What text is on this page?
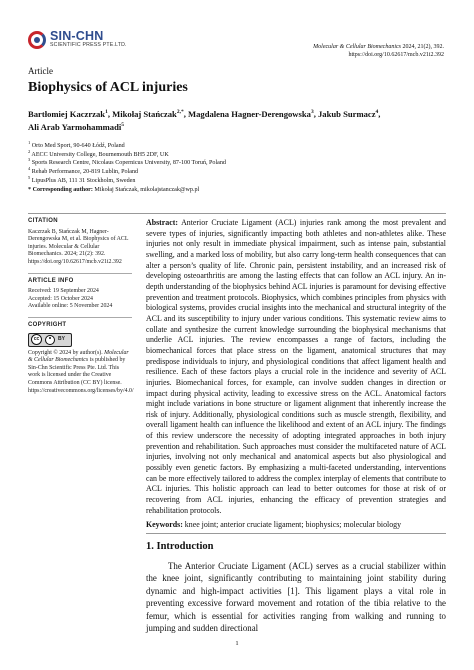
SIN-CHN
SCIENTIFIC PRESS PTE.LTD.	Molecular & Cellular Biomechanics 2024, 21(2), 392.
https://doi.org/10.62617/mcb.v21i2.392
Article
Biophysics of ACL injuries
Bartłomiej Kaczrzak$^1$, Mikołaj Stańczak$^{2,*}$, Magdalena Hagner-Derengowska$^3$, Jakub Surmacz$^4$,
Ali Arab Yarmohammadi$^5$
$^1$ Orto Med Sport, 90-640 Łódź, Poland
$^2$ AECC University College, Bournemouth BH5 2DF, UK
$^3$ Sports Research Centre, Nicolaus Copernicus University, 87-100 Toruń, Poland
$^4$ Rehab Performance, 20-819 Lublin, Poland
$^5$ LipusPlus AB, 111 31 Stockholm, Sweden
* Corresponding author: Mikołaj Stańczak, mikolajstanczak@wp.pl
CITATION
Kaczrzak B, Stańczak M, Hagner-Derengowska M, et al. Biophysics of ACL injuries. Molecular & Cellular Biomechanics. 2024; 21(2): 392. https://doi.org/10.62617/mcb.v21i2.392
ARTICLE INFO
Received: 19 September 2024
Accepted: 15 October 2024
Available online: 5 November 2024
COPYRIGHT
cc	BY
Copyright © 2024 by author(s). Molecular & Cellular Biomechanics is published by Sin-Chn Scientific Press Pte. Ltd. This work is licensed under the Creative Commons Attribution (CC BY) license. https://creativecommons.org/licenses/by/4.0/
Abstract: Anterior Cruciate Ligament (ACL) injuries rank among the most prevalent and severe types of injuries, significantly impacting both athletes and non-athletes alike. These injuries not only result in immediate physical impairment, such as intense pain, substantial swelling, and a marked loss of mobility, but also carry long-term health consequences that can alter a person’s quality of life. Chronic pain, persistent instability, and an increased risk of developing osteoarthritis are among the lasting effects that can follow an ACL injury. An in-depth understanding of the biophysics behind ACL injuries is paramount for devising effective prevention and treatment protocols. Biophysics, which combines principles from physics with biological systems, provides crucial insights into the mechanical and structural integrity of the ACL and its susceptibility to injury under various conditions. This systematic review aims to collate and synthesize the current knowledge surrounding the biophysical mechanisms that underlie ACL injuries. The review encompasses a range of factors, including the biomechanical forces that place stress on the ligament, anatomical structures that may predispose individuals to injury, and physiological conditions that affect ligament health and resilience. Each of these factors plays a crucial role in the incidence and severity of ACL injuries. Biomechanical forces, for example, can involve sudden changes in direction or impact during physical activity, leading to excessive stress on the ACL. Anatomical factors might include variations in bone structure or ligament alignment that inherently increase the risk of injury. Additionally, physiological conditions such as muscle strength, flexibility, and overall ligament health can influence the likelihood and extent of an ACL injury. The findings of this review underscore the necessity of adopting integrated approaches in both injury prevention and rehabilitation. Such approaches must consider the multifaceted nature of ACL injuries, involving not only mechanical and anatomical aspects but also physiological and possibly even genetic factors. By emphasizing a multi-faceted understanding, interventions can be more effectively tailored to address the complex interplay of elements that contribute to ACL injuries. This holistic approach can lead to better outcomes for those at risk of or recovering from ACL injuries, enhancing the efficacy of prevention strategies and rehabilitation protocols.
Keywords: knee joint; anterior cruciate ligament; biophysics; molecular biology
1. Introduction
The Anterior Cruciate Ligament (ACL) serves as a crucial stabilizer within the knee joint, significantly contributing to maintaining joint stability during dynamic and high-impact activities [1]. This ligament plays a vital role in preventing excessive forward movement and rotation of the tibia relative to the femur, which is essential for activities ranging from walking and running to jumping and sudden directional
1
